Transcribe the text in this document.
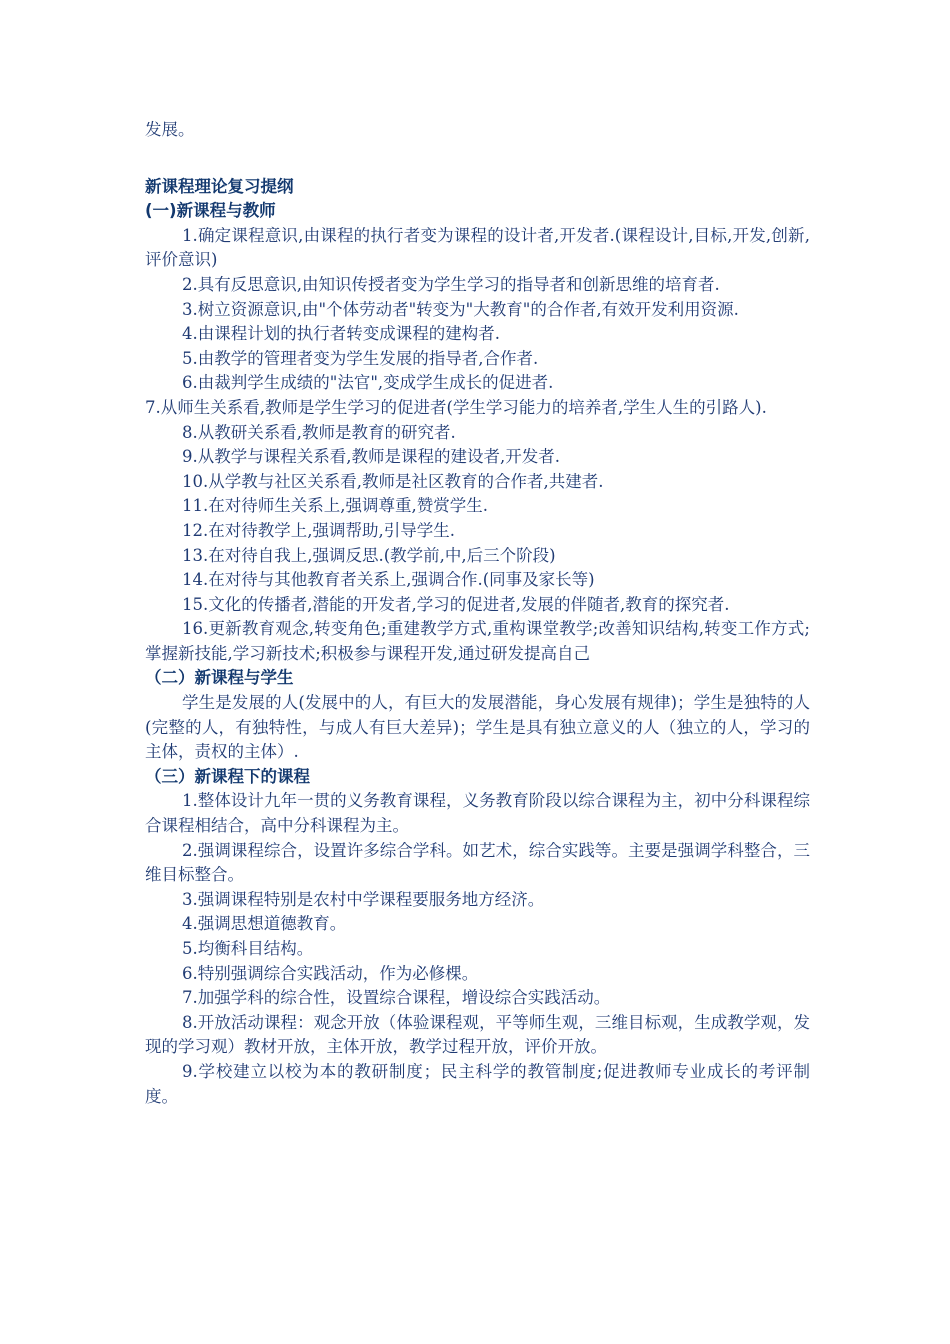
发展。

新课程理论复习提纲

(一)新课程与教师

1.确定课程意识,由课程的执行者变为课程的设计者,开发者.(课程设计,目标,开发,创新,评价意识)

2.具有反思意识,由知识传授者变为学生学习的指导者和创新思维的培育者.

3.树立资源意识,由"个体劳动者"转变为"大教育"的合作者,有效开发利用资源.

4.由课程计划的执行者转变成课程的建构者.

5.由教学的管理者变为学生发展的指导者,合作者.

6.由裁判学生成绩的"法官",变成学生成长的促进者.

7.从师生关系看,教师是学生学习的促进者(学生学习能力的培养者,学生人生的引路人).

8.从教研关系看,教师是教育的研究者.

9.从教学与课程关系看,教师是课程的建设者,开发者.

10.从学教与社区关系看,教师是社区教育的合作者,共建者.

11.在对待师生关系上,强调尊重,赞赏学生.

12.在对待教学上,强调帮助,引导学生.

13.在对待自我上,强调反思.(教学前,中,后三个阶段)

14.在对待与其他教育者关系上,强调合作.(同事及家长等)

15.文化的传播者,潜能的开发者,学习的促进者,发展的伴随者,教育的探究者.

16.更新教育观念,转变角色;重建教学方式,重构课堂教学;改善知识结构,转变工作方式;掌握新技能,学习新技术;积极参与课程开发,通过研发提高自己

（二）新课程与学生

学生是发展的人(发展中的人，有巨大的发展潜能，身心发展有规律)；学生是独特的人(完整的人，有独特性，与成人有巨大差异)；学生是具有独立意义的人（独立的人，学习的主体，责权的主体）.

（三）新课程下的课程

1.整体设计九年一贯的义务教育课程，义务教育阶段以综合课程为主，初中分科课程综合课程相结合，高中分科课程为主。

2.强调课程综合，设置许多综合学科。如艺术，综合实践等。主要是强调学科整合，三维目标整合。

3.强调课程特别是农村中学课程要服务地方经济。

4.强调思想道德教育。

5.均衡科目结构。

6.特别强调综合实践活动，作为必修棵。

7.加强学科的综合性，设置综合课程，增设综合实践活动。

8.开放活动课程：观念开放（体验课程观，平等师生观，三维目标观，生成教学观，发现的学习观）教材开放，主体开放，教学过程开放，评价开放。

9.学校建立以校为本的教研制度；民主科学的教管制度;促进教师专业成长的考评制度。
